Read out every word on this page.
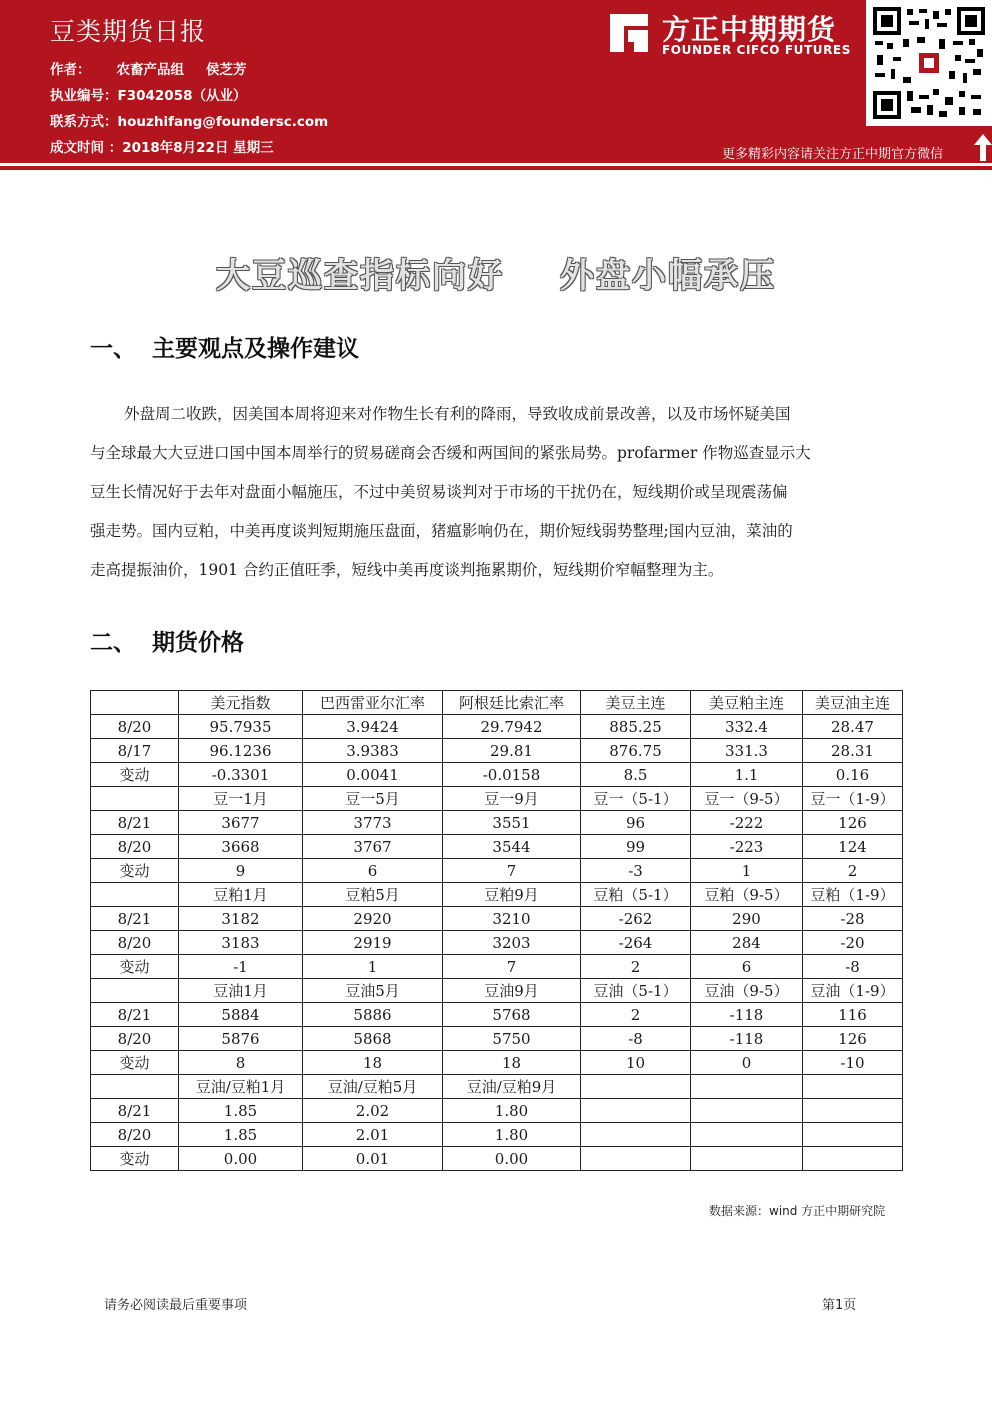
豆类期货日报
作者： 农畜产品组 侯芝芳
执业编号：F3042058（从业）
联系方式：houzhifang@foundersc.com
成文时间 ：2018年8月22日 星期三
方正中期期货
FOUNDER CIFCO FUTURES
更多精彩内容请关注方正中期官方微信
大豆巡查指标向好 外盘小幅承压
一、 主要观点及操作建议
外盘周二收跌，因美国本周将迎来对作物生长有利的降雨，导致收成前景改善，以及市场怀疑美国
与全球最大大豆进口国中国本周举行的贸易磋商会否缓和两国间的紧张局势。profarmer 作物巡查显示大
豆生长情况好于去年对盘面小幅施压，不过中美贸易谈判对于市场的干扰仍在，短线期价或呈现震荡偏
强走势。国内豆粕，中美再度谈判短期施压盘面，猪瘟影响仍在，期价短线弱势整理;国内豆油，菜油的
走高提振油价，1901 合约正值旺季，短线中美再度谈判拖累期价，短线期价窄幅整理为主。
二、 期货价格
	美元指数	巴西雷亚尔汇率	阿根廷比索汇率	美豆主连	美豆粕主连	美豆油主连
8/20	95.7935	3.9424	29.7942	885.25	332.4	28.47
8/17	96.1236	3.9383	29.81	876.75	331.3	28.31
变动	-0.3301	0.0041	-0.0158	8.5	1.1	0.16
	豆一1月	豆一5月	豆一9月	豆一（5-1）	豆一（9-5）	豆一（1-9）
8/21	3677	3773	3551	96	-222	126
8/20	3668	3767	3544	99	-223	124
变动	9	6	7	-3	1	2
	豆粕1月	豆粕5月	豆粕9月	豆粕（5-1）	豆粕（9-5）	豆粕（1-9）
8/21	3182	2920	3210	-262	290	-28
8/20	3183	2919	3203	-264	284	-20
变动	-1	1	7	2	6	-8
	豆油1月	豆油5月	豆油9月	豆油（5-1）	豆油（9-5）	豆油（1-9）
8/21	5884	5886	5768	2	-118	116
8/20	5876	5868	5750	-8	-118	126
变动	8	18	18	10	0	-10
	豆油/豆粕1月	豆油/豆粕5月	豆油/豆粕9月			
8/21	1.85	2.02	1.80			
8/20	1.85	2.01	1.80			
变动	0.00	0.01	0.00			
数据来源：wind 方正中期研究院
请务必阅读最后重要事项	第1页
